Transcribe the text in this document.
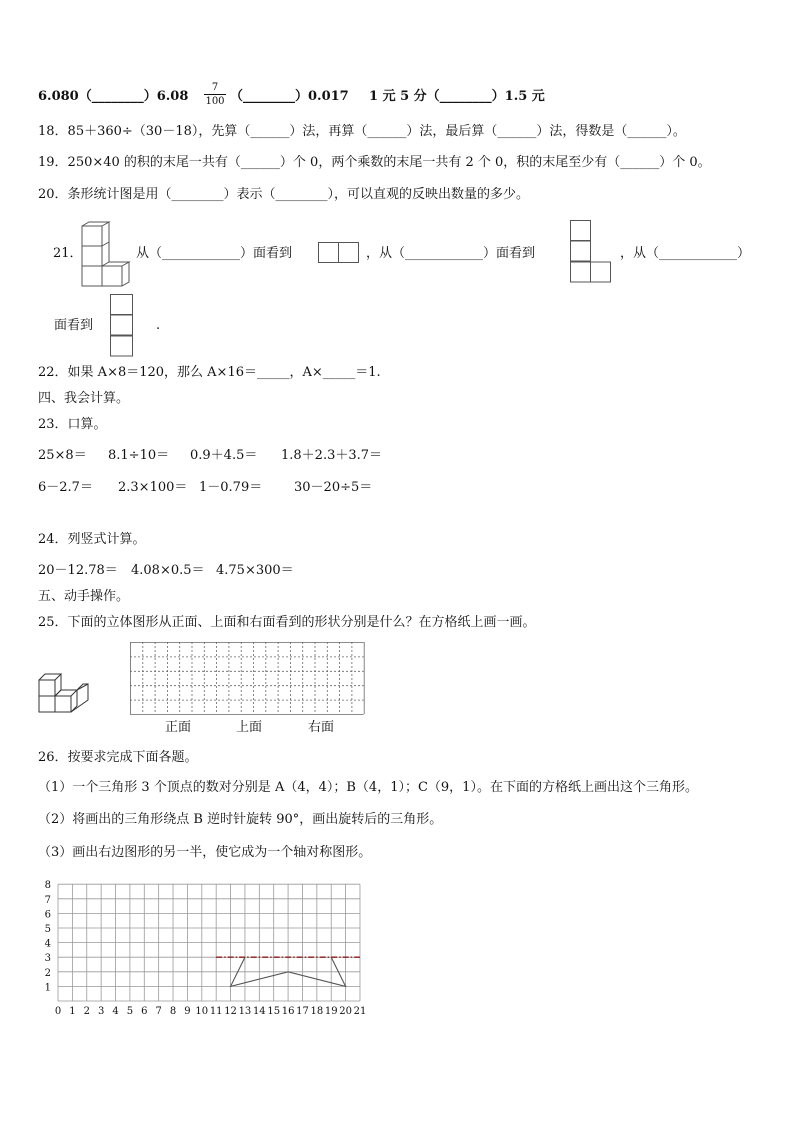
6.080（________）6.08
7
100 （________）0.017 1 元 5 分（________）1.5 元
18．85＋360÷（30－18），先算（______）法，再算（______）法，最后算（______）法，得数是（______）。
19．250×40 的积的末尾一共有（______）个 0，两个乘数的末尾一共有 2 个 0，积的末尾至少有（______）个 0。
20．条形统计图是用（________）表示（________），可以直观的反映出数量的多少。
21．	从（____________）面看到	，从（____________）面看到	，从（____________）
面看到	.
22．如果 A×8＝120，那么 A×16＝_____，A×_____＝1.
四、我会计算。
23．口算。
25×8＝ 8.1÷10＝ 0.9＋4.5＝ 1.8＋2.3＋3.7＝
6－2.7＝ 2.3×100＝ 1－0.79＝ 30－20÷5＝
24．列竖式计算。
20－12.78＝ 4.08×0.5＝ 4.75×300＝
五、动手操作。
25．下面的立体图形从正面、上面和右面看到的形状分别是什么？在方格纸上画一画。
正面	上面	右面
26．按要求完成下面各题。
（1）一个三角形 3 个顶点的数对分别是 A（4，4）；B（4，1）；C（9，1）。在下面的方格纸上画出这个三角形。
（2）将画出的三角形绕点 B 逆时针旋转 90°，画出旋转后的三角形。
（3）画出右边图形的另一半，使它成为一个轴对称图形。
0 1 2 3 4 5 6 7 8 9 10 11 12 13 14 15 16 17 18 19 20 21
1
2
3
4
5
6
7
8
